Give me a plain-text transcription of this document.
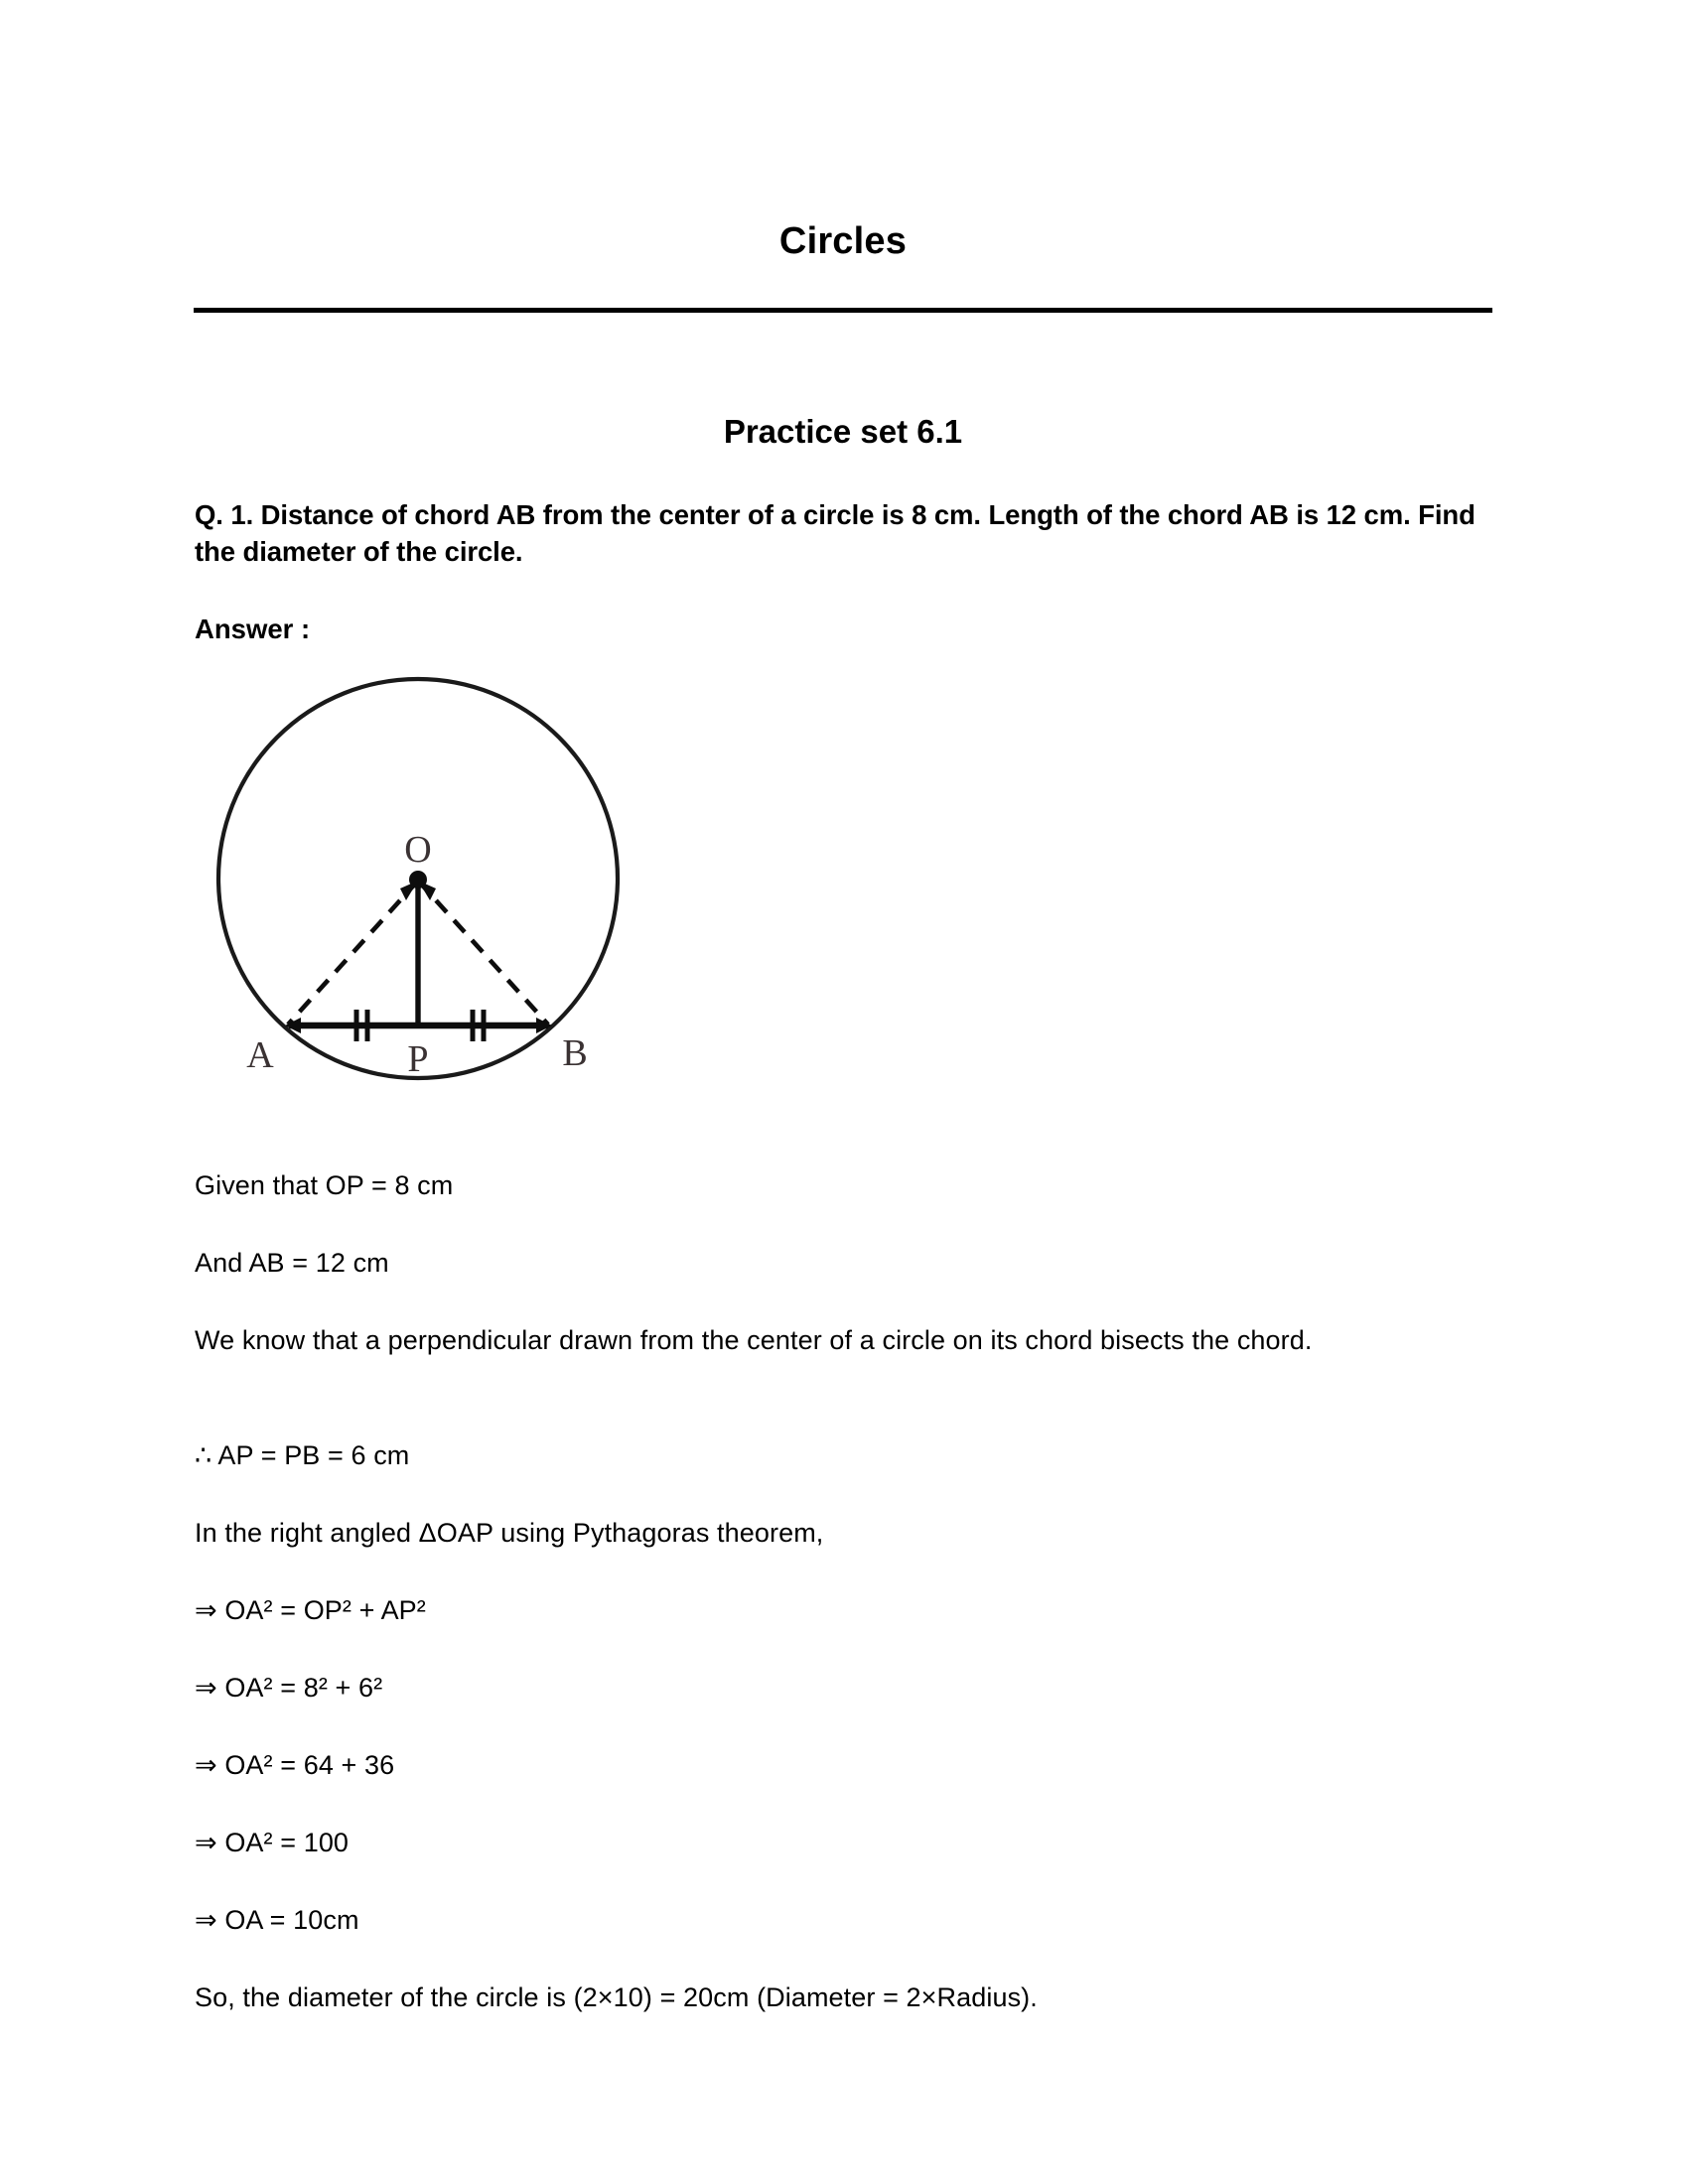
Circles
Practice set 6.1

Q. 1. Distance of chord AB from the center of a circle is 8 cm. Length of the chord AB is 12 cm. Find the diameter of the circle.

Answer :

O
A	P	B

Given that OP = 8 cm

And AB = 12 cm

We know that a perpendicular drawn from the center of a circle on its chord bisects the chord.

∴ AP = PB = 6 cm

In the right angled ΔOAP using Pythagoras theorem,

⇒ OA² = OP² + AP²

⇒ OA² = 8² + 6²

⇒ OA² = 64 + 36

⇒ OA² = 100

⇒ OA = 10cm

So, the diameter of the circle is (2×10) = 20cm (Diameter = 2×Radius).
